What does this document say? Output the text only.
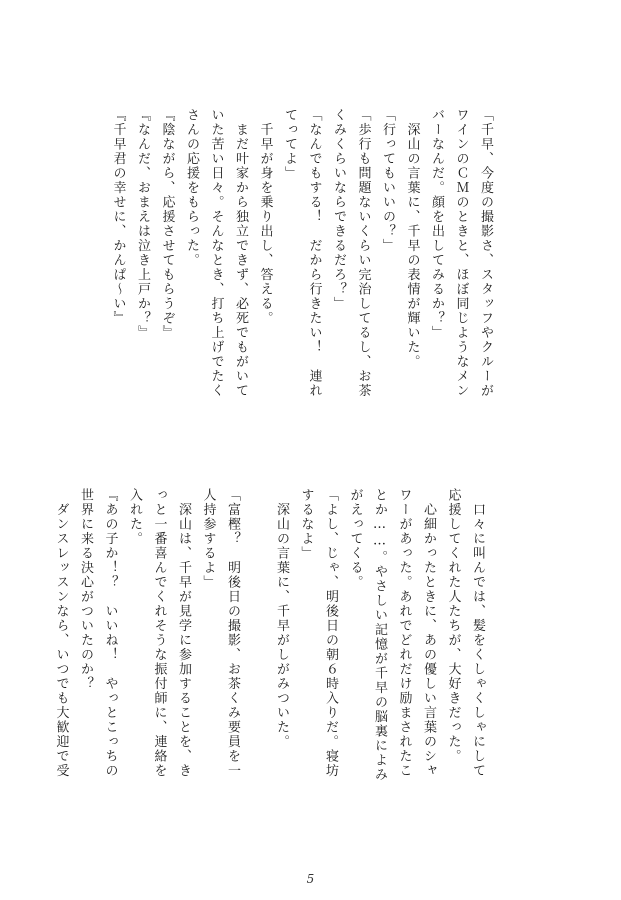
「千早、今度の撮影さ、スタッフやクルーが
ワインのＣＭのときと、ほぼ同じようなメン
バーなんだ。顔を出してみるか？」
　深山の言葉に、千早の表情が輝いた。
「行ってもいいの？」
「歩行も問題ないくらい完治してるし、お茶
くみくらいならできるだろ？」
「なんでもする！　だから行きたい！　連れ
てってよ」
　千早が身を乗り出し、答える。
　まだ叶家から独立できず、必死でもがいて
いた苦い日々。そんなとき、打ち上げでたく
さんの応援をもらった。
『陰ながら、応援させてもらうぞ』
『なんだ、おまえは泣き上戸か？』
『千早君の幸せに、かんぱ～い』
　口々に叫んでは、髪をくしゃくしゃにして
応援してくれた人たちが、大好きだった。
　心細かったときに、あの優しい言葉のシャ
ワーがあった。あれでどれだけ励まされたこ
とか……。やさしい記憶が千早の脳裏によみ
がえってくる。
「よし、じゃ、明後日の朝６時入りだ。寝坊
するなよ」
　深山の言葉に、千早がしがみついた。
「富樫？　明後日の撮影、お茶くみ要員を一
人持参するよ」
　深山は、千早が見学に参加することを、き
っと一番喜んでくれそうな振付師に、連絡を
入れた。
『あの子か！？　いいね！　やっとこっちの
世界に来る決心がついたのか？
　ダンスレッスンなら、いつでも大歓迎で受
5
